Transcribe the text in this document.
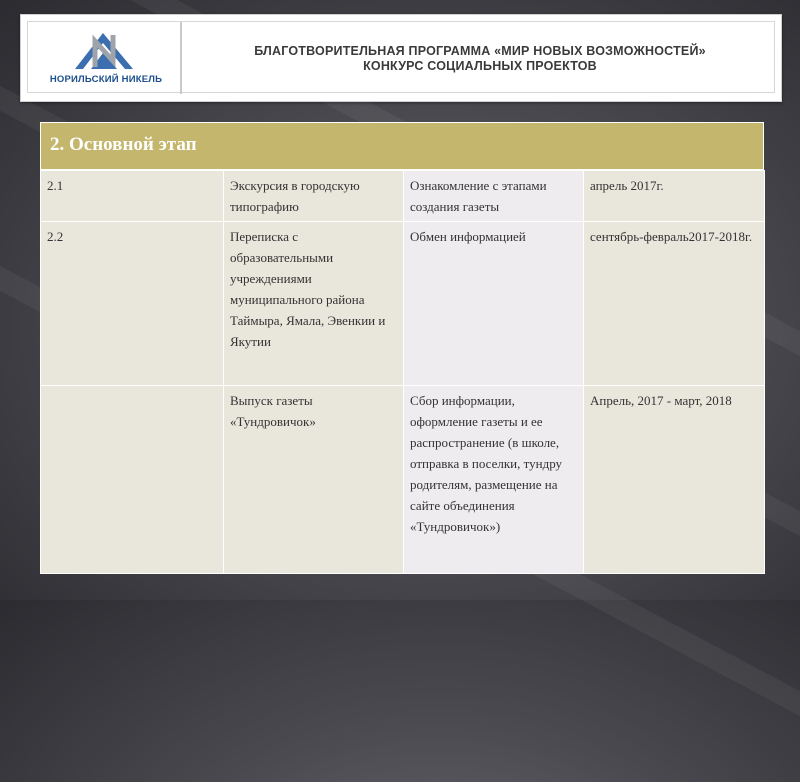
НОРИЛЬСКИЙ НИКЕЛЬ
БЛАГОТВОРИТЕЛЬНАЯ ПРОГРАММА «МИР НОВЫХ ВОЗМОЖНОСТЕЙ»
КОНКУРС СОЦИАЛЬНЫХ ПРОЕКТОВ
2. Основной этап
2.1	Экскурсия в городскую типографию	Ознакомление с этапами создания газеты	апрель 2017г.
2.2	Переписка с образовательными учреждениями муниципального района Таймыра, Ямала, Эвенкии и Якутии	Обмен информацией	сентябрь-февраль2017-2018г.
	Выпуск газеты «Тундровичок»	Сбор информации, оформление газеты и ее распространение (в школе, отправка в поселки, тундру родителям, размещение на сайте объединения «Тундровичок»)	Апрель, 2017 - март, 2018
